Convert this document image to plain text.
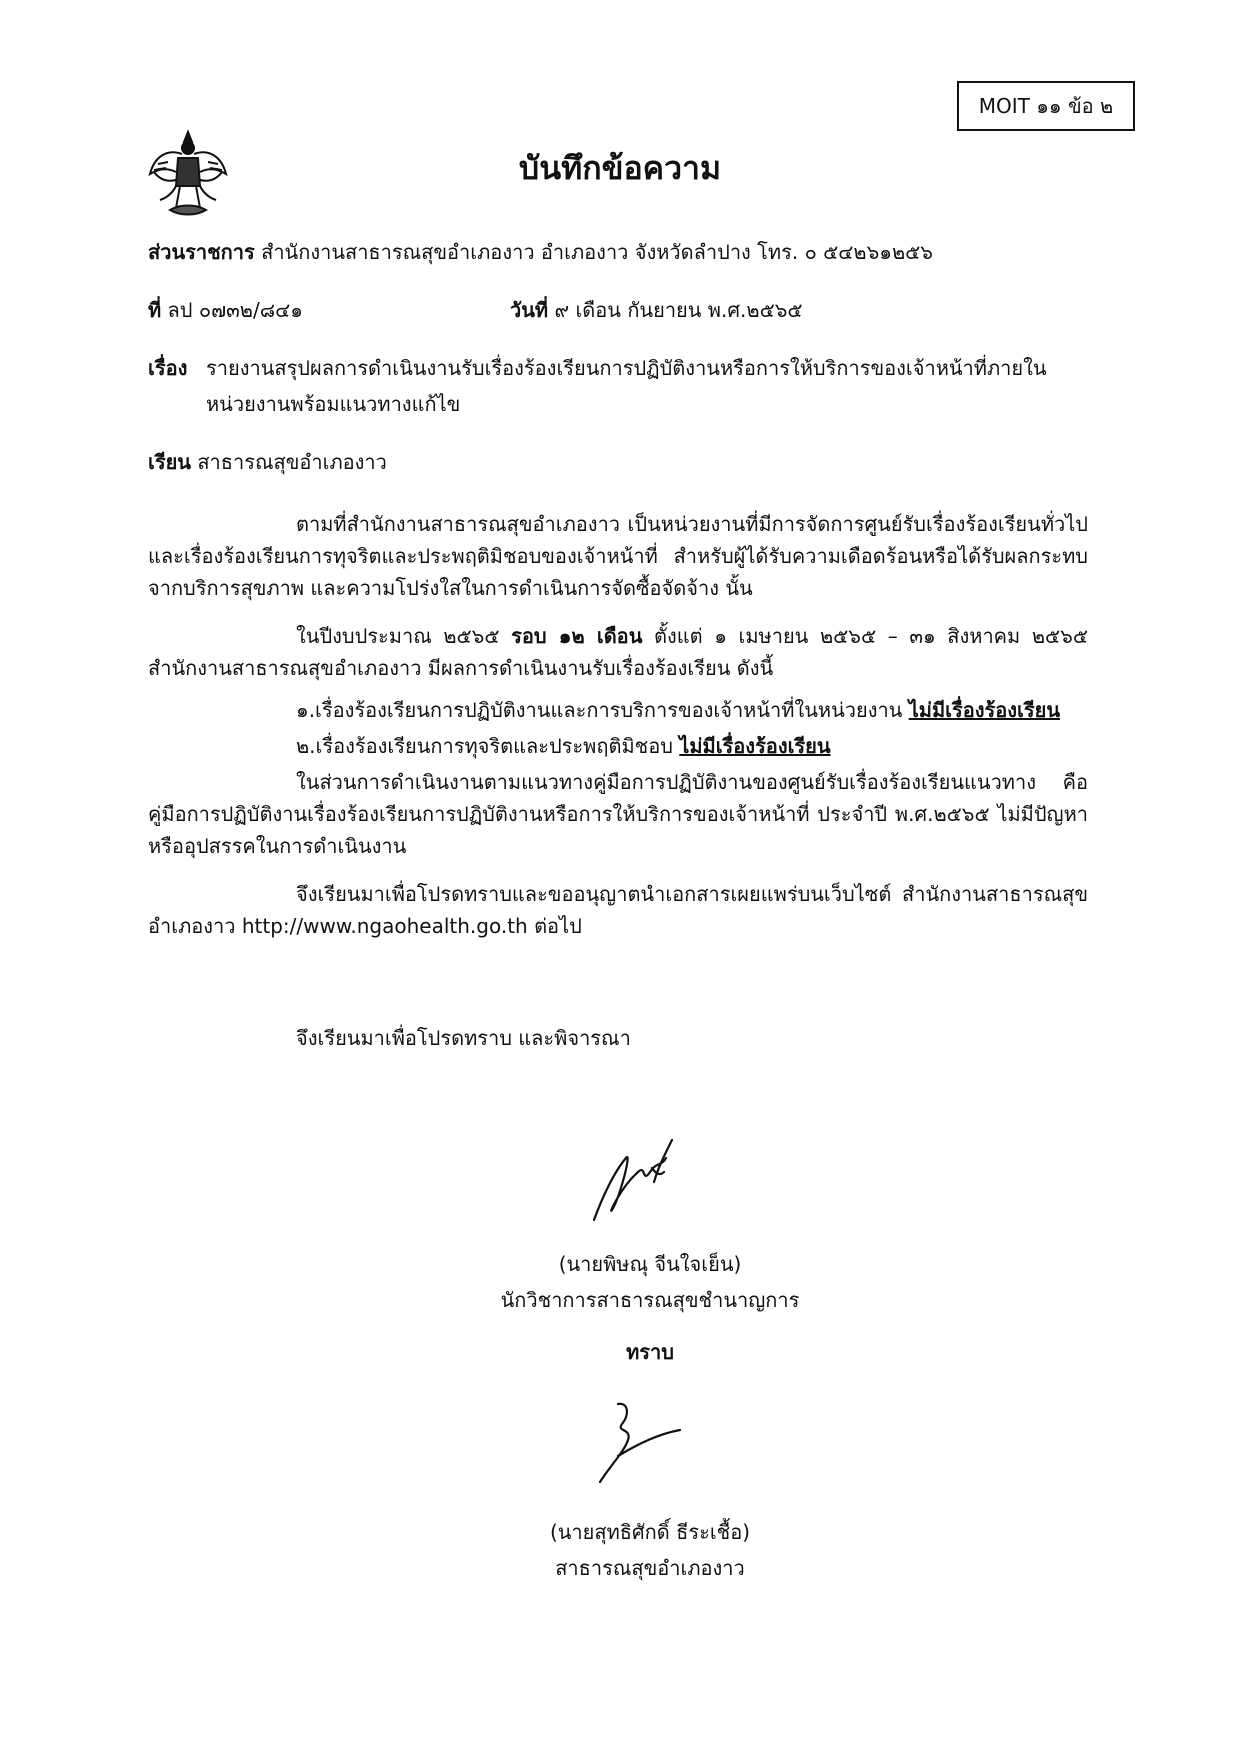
MOIT ๑๑ ข้อ ๒
บันทึกข้อความ
ส่วนราชการ สำนักงานสาธารณสุขอำเภองาว อำเภองาว จังหวัดลำปาง โทร. ๐ ๕๔๒๖๑๒๕๖
ที่ ลป ๐๗๓๒/๘๔๑	วันที่ ๙ เดือน กันยายน พ.ศ.๒๕๖๕
เรื่อง รายงานสรุปผลการดำเนินงานรับเรื่องร้องเรียนการปฏิบัติงานหรือการให้บริการของเจ้าหน้าที่ภายใน
หน่วยงานพร้อมแนวทางแก้ไข
เรียน สาธารณสุขอำเภองาว
ตามที่สำนักงานสาธารณสุขอำเภองาว เป็นหน่วยงานที่มีการจัดการศูนย์รับเรื่องร้องเรียนทั่วไป และเรื่องร้องเรียนการทุจริตและประพฤติมิชอบของเจ้าหน้าที่ สำหรับผู้ได้รับความเดือดร้อนหรือได้รับผลกระทบจากบริการสุขภาพ และความโปร่งใสในการดำเนินการจัดซื้อจัดจ้าง นั้น
ในปีงบประมาณ ๒๕๖๕ รอบ ๑๒ เดือน ตั้งแต่ ๑ เมษายน ๒๕๖๕ – ๓๑ สิงหาคม ๒๕๖๕ สำนักงานสาธารณสุขอำเภองาว มีผลการดำเนินงานรับเรื่องร้องเรียน ดังนี้
๑.เรื่องร้องเรียนการปฏิบัติงานและการบริการของเจ้าหน้าที่ในหน่วยงาน ไม่มีเรื่องร้องเรียน
๒.เรื่องร้องเรียนการทุจริตและประพฤติมิชอบ ไม่มีเรื่องร้องเรียน
ในส่วนการดำเนินงานตามแนวทางคู่มือการปฏิบัติงานของศูนย์รับเรื่องร้องเรียนแนวทาง คือ คู่มือการปฏิบัติงานเรื่องร้องเรียนการปฏิบัติงานหรือการให้บริการของเจ้าหน้าที่ ประจำปี พ.ศ.๒๕๖๕ ไม่มีปัญหา หรืออุปสรรคในการดำเนินงาน
จึงเรียนมาเพื่อโปรดทราบและขออนุญาตนำเอกสารเผยแพร่บนเว็บไซต์ สำนักงานสาธารณสุขอำเภองาว http://www.ngaohealth.go.th ต่อไป
จึงเรียนมาเพื่อโปรดทราบ และพิจารณา
(นายพิษณุ จีนใจเย็น)
นักวิชาการสาธารณสุขชำนาญการ
ทราบ
(นายสุทธิศักดิ์ ธีระเชื้อ)
สาธารณสุขอำเภองาว
